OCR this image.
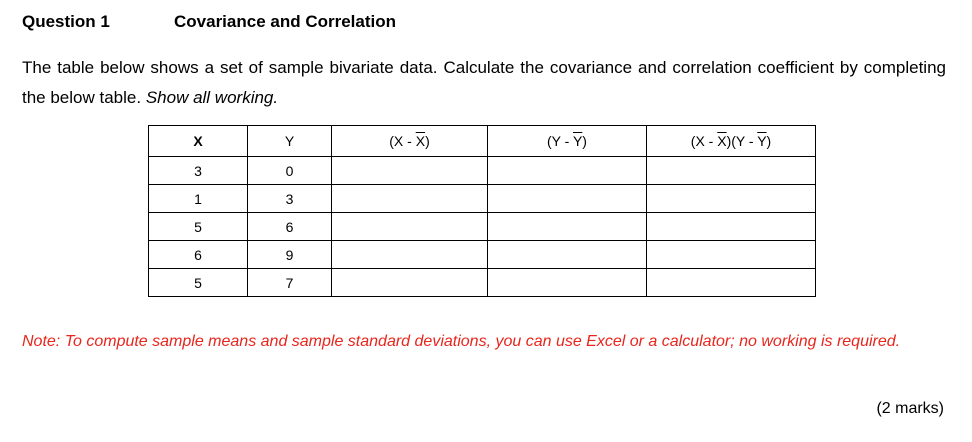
Question 1	Covariance and Correlation
The table below shows a set of sample bivariate data. Calculate the covariance and correlation coefficient by completing the below table. Show all working.
X	Y	$(X - \overline{X})$	$(Y - \overline{Y})$	$(X - \overline{X})(Y - \overline{Y})$
3	0			
1	3			
5	6			
6	9			
5	7			
Note: To compute sample means and sample standard deviations, you can use Excel or a calculator; no working is required.
(2 marks)
